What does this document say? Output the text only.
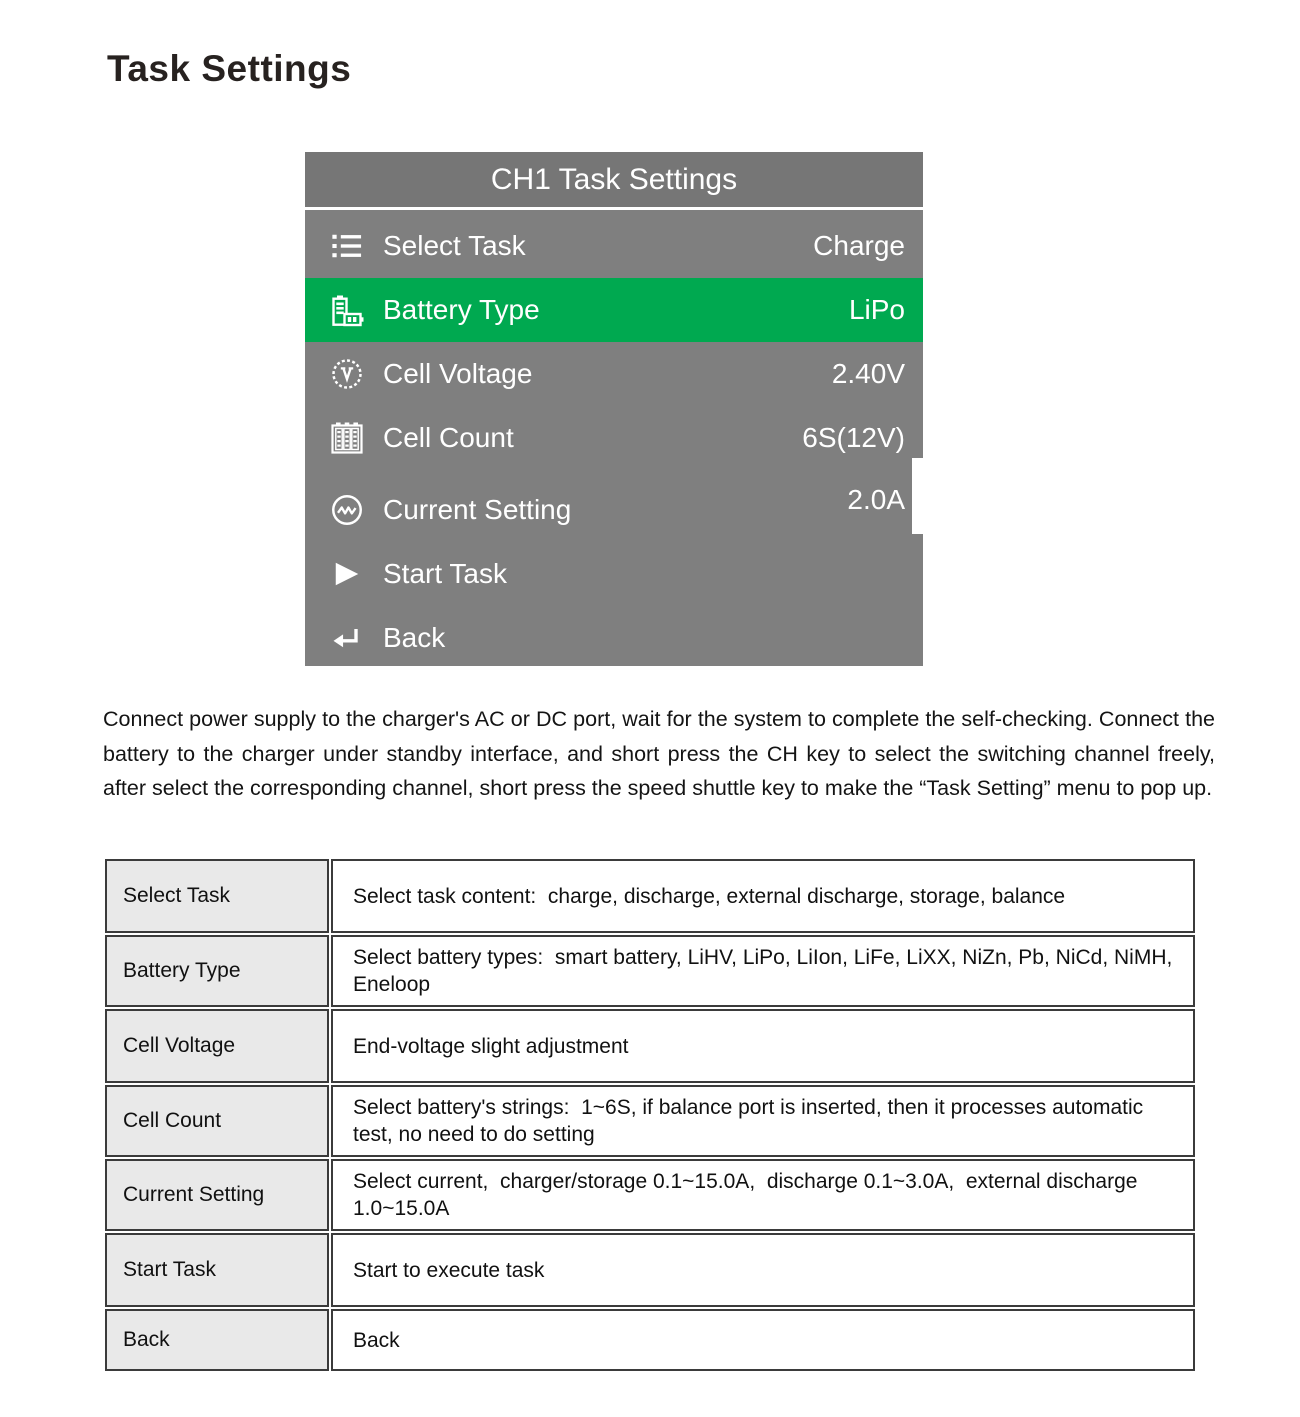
Task Settings
CH1 Task Settings
Select Task	Charge
Battery Type	LiPo
Cell Voltage	2.40V
Cell Count	6S(12V)
Current Setting	2.0A
Start Task
Back

Connect power supply to the charger's AC or DC port, wait for the system to complete the self-checking. Connect the battery to the charger under standby interface, and short press the CH key to select the switching channel freely, after select the corresponding channel, short press the speed shuttle key to make the “Task Setting” menu to pop up.

Select Task	Select task content:  charge, discharge, external discharge, storage, balance
Battery Type	Select battery types:  smart battery, LiHV, LiPo, LiIon, LiFe, LiXX, NiZn, Pb, NiCd, NiMH, Eneloop
Cell Voltage	End-voltage slight adjustment
Cell Count	Select battery's strings:  1~6S, if balance port is inserted, then it processes automatic test, no need to do setting
Current Setting	Select current,  charger/storage 0.1~15.0A,  discharge 0.1~3.0A,  external discharge 1.0~15.0A
Start Task	Start to execute task
Back	Back
